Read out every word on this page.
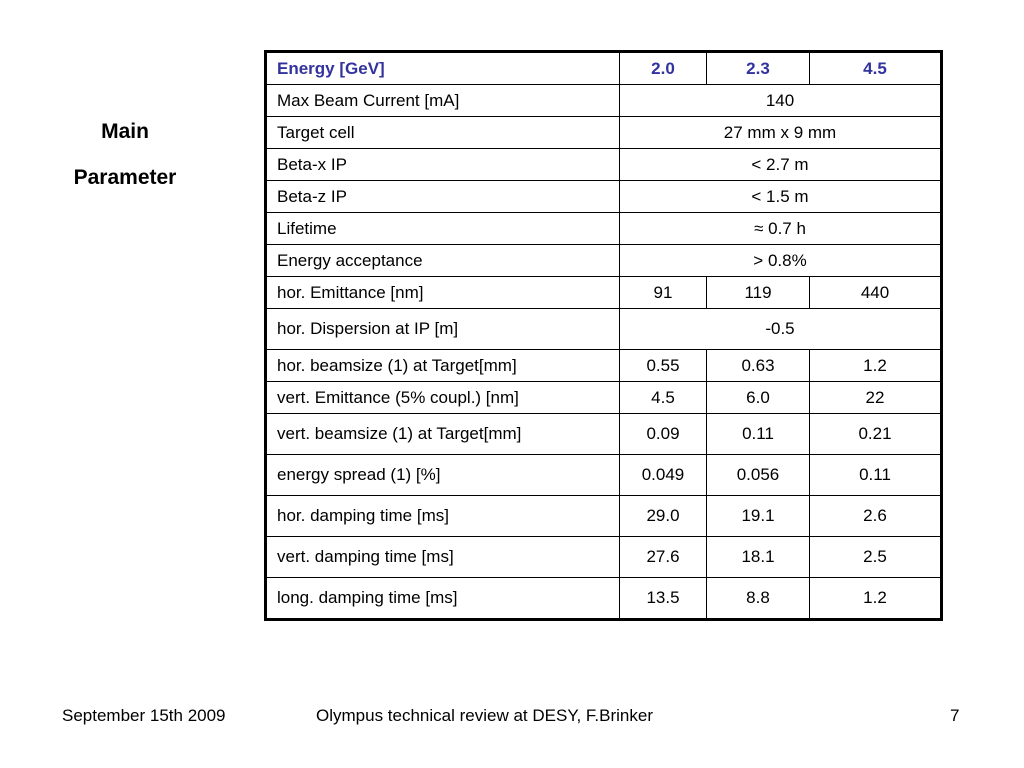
Main
Parameter
Energy [GeV]	2.0	2.3	4.5
Max Beam Current [mA]	140		
Target cell	27 mm x 9 mm		
Beta-x IP	< 2.7 m		
Beta-z IP	< 1.5 m		
Lifetime	≈ 0.7 h		
Energy acceptance	> 0.8%		
hor. Emittance [nm]	91	119	440
hor. Dispersion at IP [m]	-0.5		
hor. beamsize (1) at Target[mm]	0.55	0.63	1.2
vert. Emittance (5% coupl.) [nm]	4.5	6.0	22
vert. beamsize (1) at Target[mm]	0.09	0.11	0.21
energy spread (1) [%]	0.049	0.056	0.11
hor. damping time [ms]	29.0	19.1	2.6
vert. damping time [ms]	27.6	18.1	2.5
long. damping time [ms]	13.5	8.8	1.2
September 15th 2009	Olympus technical review at DESY, F.Brinker	7
